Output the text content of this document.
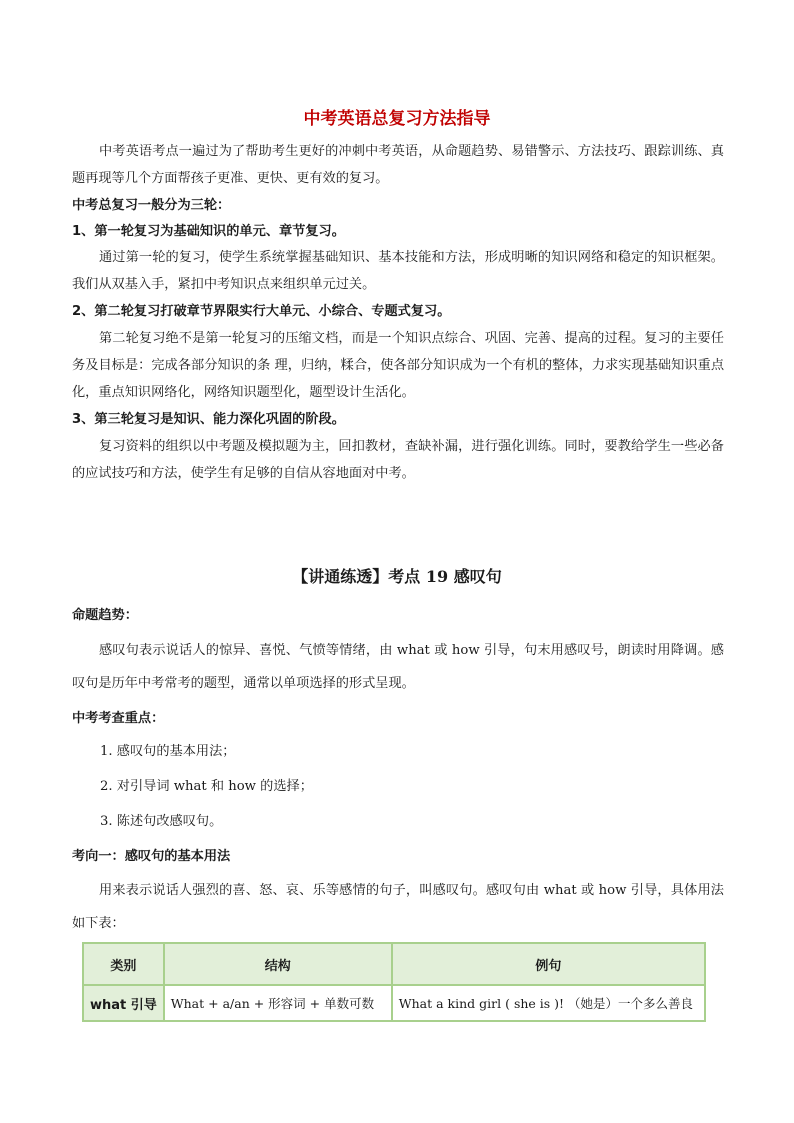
中考英语总复习方法指导
中考英语考点一遍过为了帮助考生更好的冲刺中考英语，从命题趋势、易错警示、方法技巧、跟踪训练、真题再现等几个方面帮孩子更准、更快、更有效的复习。
中考总复习一般分为三轮：
1、第一轮复习为基础知识的单元、章节复习。
通过第一轮的复习，使学生系统掌握基础知识、基本技能和方法，形成明晰的知识网络和稳定的知识框架。我们从双基入手，紧扣中考知识点来组织单元过关。
2、第二轮复习打破章节界限实行大单元、小综合、专题式复习。
第二轮复习绝不是第一轮复习的压缩文档，而是一个知识点综合、巩固、完善、提高的过程。复习的主要任务及目标是：完成各部分知识的条 理，归纳，糅合，使各部分知识成为一个有机的整体，力求实现基础知识重点化，重点知识网络化，网络知识题型化，题型设计生活化。
3、第三轮复习是知识、能力深化巩固的阶段。
复习资料的组织以中考题及模拟题为主，回扣教材，查缺补漏，进行强化训练。同时，要教给学生一些必备的应试技巧和方法，使学生有足够的自信从容地面对中考。
【讲通练透】考点 19 感叹句
命题趋势：
感叹句表示说话人的惊异、喜悦、气愤等情绪，由 what 或 how 引导，句末用感叹号，朗读时用降调。感叹句是历年中考常考的题型，通常以单项选择的形式呈现。
中考考查重点：
1. 感叹句的基本用法；
2. 对引导词 what 和 how 的选择；
3. 陈述句改感叹句。
考向一：感叹句的基本用法
用来表示说话人强烈的喜、怒、哀、乐等感情的句子，叫感叹句。感叹句由 what 或 how 引导，具体用法如下表：
类别	结构	例句
what 引导	What + a/an + 形容词 + 单数可数	What a kind girl ( she is )! （她是）一个多么善良
